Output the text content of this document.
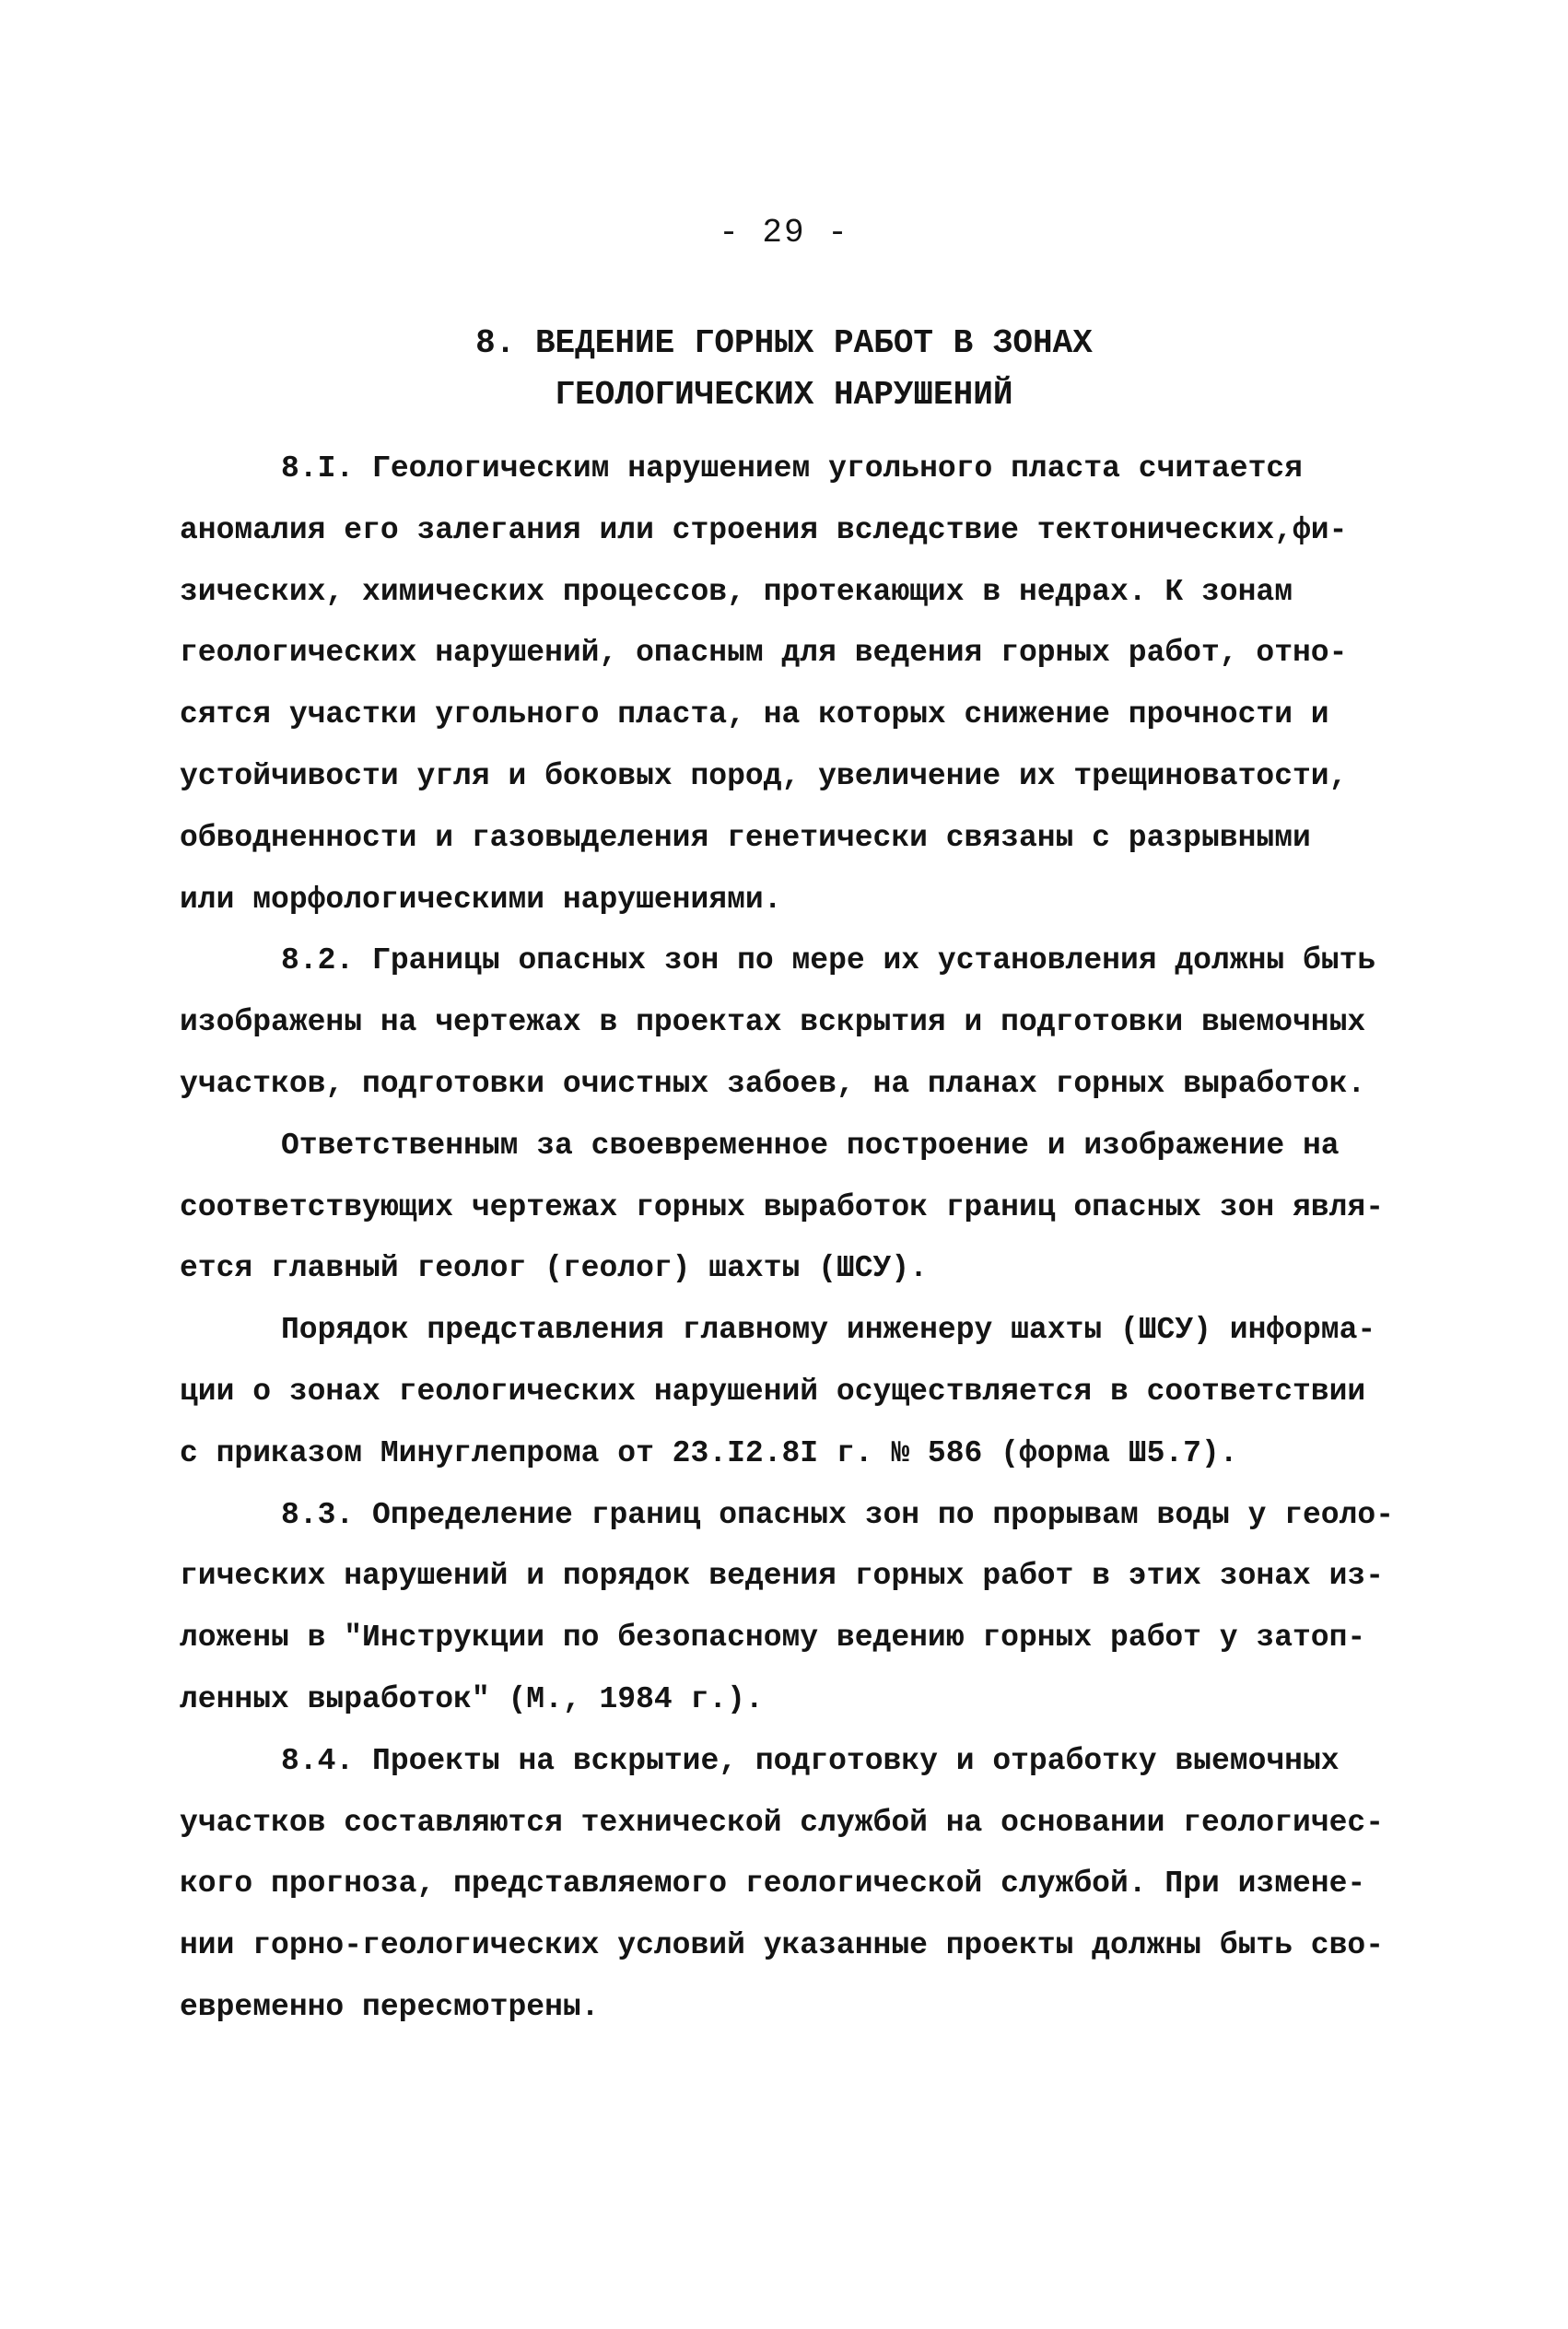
- 29 -
8. ВЕДЕНИЕ ГОРНЫХ РАБОТ В ЗОНАХ
ГЕОЛОГИЧЕСКИХ НАРУШЕНИЙ
8.I. Геологическим нарушением угольного пласта считается
аномалия его залегания или строения вследствие тектонических,фи-
зических, химических процессов, протекающих в недрах. К зонам
геологических нарушений, опасным для ведения горных работ, отно-
сятся участки угольного пласта, на которых снижение прочности и
устойчивости угля и боковых пород, увеличение их трещиноватости,
обводненности и газовыделения генетически связаны с разрывными
или морфологическими нарушениями.
8.2. Границы опасных зон по мере их установления должны быть
изображены на чертежах в проектах вскрытия и подготовки выемочных
участков, подготовки очистных забоев, на планах горных выработок.
Ответственным за своевременное построение и изображение на
соответствующих чертежах горных выработок границ опасных зон явля-
ется главный геолог (геолог) шахты (ШСУ).
Порядок представления главному инженеру шахты (ШСУ) информа-
ции о зонах геологических нарушений осуществляется в соответствии
с приказом Минуглепрома от 23.I2.8I г. № 586 (форма Ш5.7).
8.3. Определение границ опасных зон по прорывам воды у геоло-
гических нарушений и порядок ведения горных работ в этих зонах из-
ложены в "Инструкции по безопасному ведению горных работ у затоп-
ленных выработок" (М., 1984 г.).
8.4. Проекты на вскрытие, подготовку и отработку выемочных
участков составляются технической службой на основании геологичес-
кого прогноза, представляемого геологической службой. При измене-
нии горно-геологических условий указанные проекты должны быть сво-
евременно пересмотрены.
